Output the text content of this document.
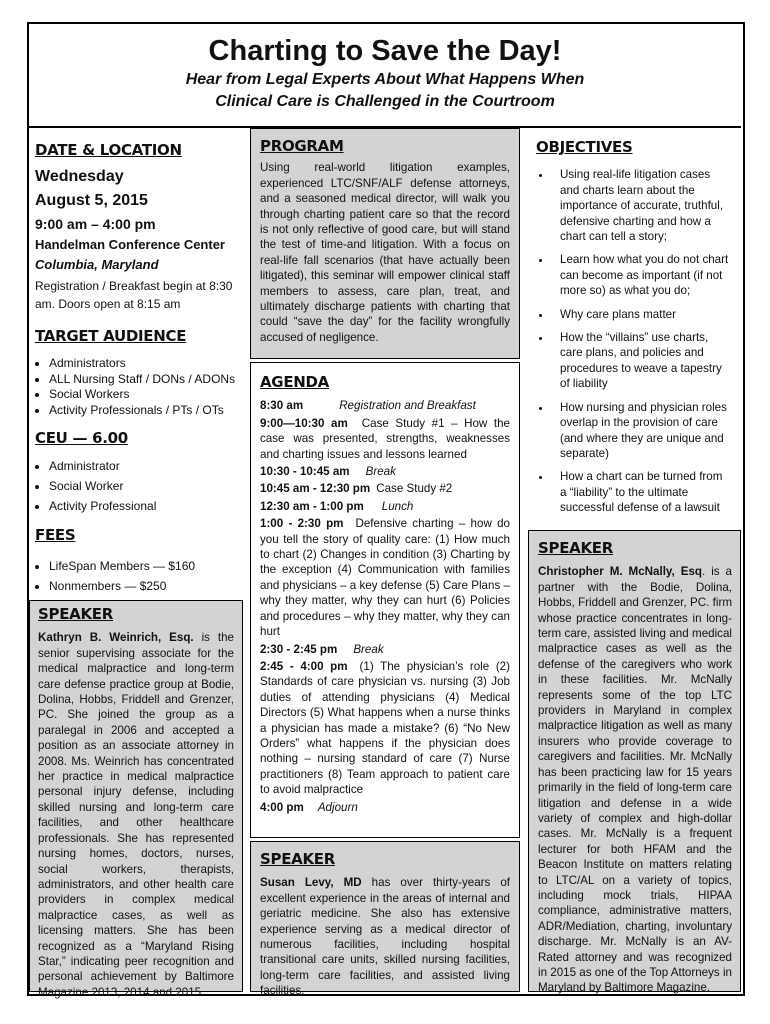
Charting to Save the Day!
Hear from Legal Experts About What Happens When
Clinical Care is Challenged in the Courtroom

DATE & LOCATION

Wednesday
August 5, 2015
9:00 am – 4:00 pm
Handelman Conference Center
Columbia, Maryland
Registration / Breakfast begin at 8:30 am. Doors open at 8:15 am

TARGET AUDIENCE

• Administrators
• ALL Nursing Staff / DONs / ADONs
• Social Workers
• Activity Professionals / PTs / OTs

CEU — 6.00

• Administrator
• Social Worker
• Activity Professional

FEES

• LifeSpan Members — $160
• Nonmembers — $250

SPEAKER

Kathryn B. Weinrich, Esq. is the senior supervising associate for the medical malpractice and long-term care defense practice group at Bodie, Dolina, Hobbs, Friddell and Grenzer, PC. She joined the group as a paralegal in 2006 and accepted a position as an associate attorney in 2008. Ms. Weinrich has concentrated her practice in medical malpractice personal injury defense, including skilled nursing and long-term care facilities, and other healthcare professionals. She has represented nursing homes, doctors, nurses, social workers, therapists, administrators, and other health care providers in complex medical malpractice cases, as well as licensing matters. She has been recognized as a “Maryland Rising Star,” indicating peer recognition and personal achievement by Baltimore Magazine 2013, 2014 and 2015.

PROGRAM

Using real-world litigation examples, experienced LTC/SNF/ALF defense attorneys, and a seasoned medical director, will walk you through charting patient care so that the record is not only reflective of good care, but will stand the test of time-and litigation. With a focus on real-life fall scenarios (that have actually been litigated), this seminar will empower clinical staff members to assess, care plan, treat, and ultimately discharge patients with charting that could “save the day” for the facility wrongfully accused of negligence.

AGENDA

8:30 am	Registration and Breakfast

9:00—10:30 am Case Study #1 – How the case was presented, strengths, weaknesses and charting issues and lessons learned

10:30 - 10:45 am Break

10:45 am - 12:30 pm Case Study #2

12:30 am - 1:00 pm Lunch

1:00 - 2:30 pm Defensive charting – how do you tell the story of quality care: (1) How much to chart (2) Changes in condition (3) Charting by the exception (4) Communication with families and physicians – a key defense (5) Care Plans – why they matter, why they can hurt (6) Policies and procedures – why they matter, why they can hurt

2:30 - 2:45 pm Break

2:45 - 4:00 pm (1) The physician’s role (2) Standards of care physician vs. nursing (3) Job duties of attending physicians (4) Medical Directors (5) What happens when a nurse thinks a physician has made a mistake? (6) “No New Orders” what happens if the physician does nothing – nursing standard of care (7) Nurse practitioners (8) Team approach to patient care to avoid malpractice

4:00 pm Adjourn

SPEAKER

Susan Levy, MD has over thirty-years of excellent experience in the areas of internal and geriatric medicine. She also has extensive experience serving as a medical director of numerous facilities, including hospital transitional care units, skilled nursing facilities, long-term care facilities, and assisted living facilities.

OBJECTIVES

• Using real-life litigation cases and charts learn about the importance of accurate, truthful, defensive charting and how a chart can tell a story;
• Learn how what you do not chart can become as important (if not more so) as what you do;
• Why care plans matter
• How the “villains” use charts, care plans, and policies and procedures to weave a tapestry of liability
• How nursing and physician roles overlap in the provision of care (and where they are unique and separate)
• How a chart can be turned from a “liability” to the ultimate successful defense of a lawsuit

SPEAKER

Christopher M. McNally, Esq. is a partner with the Bodie, Dolina, Hobbs, Friddell and Grenzer, PC. firm whose practice concentrates in long-term care, assisted living and medical malpractice cases as well as the defense of the caregivers who work in these facilities. Mr. McNally represents some of the top LTC providers in Maryland in complex malpractice litigation as well as many insurers who provide coverage to caregivers and facilities. Mr. McNally has been practicing law for 15 years primarily in the field of long-term care litigation and defense in a wide variety of complex and high-dollar cases. Mr. McNally is a frequent lecturer for both HFAM and the Beacon Institute on matters relating to LTC/AL on a variety of topics, including mock trials, HIPAA compliance, administrative matters, ADR/Mediation, charting, involuntary discharge. Mr. McNally is an AV-Rated attorney and was recognized in 2015 as one of the Top Attorneys in Maryland by Baltimore Magazine.
